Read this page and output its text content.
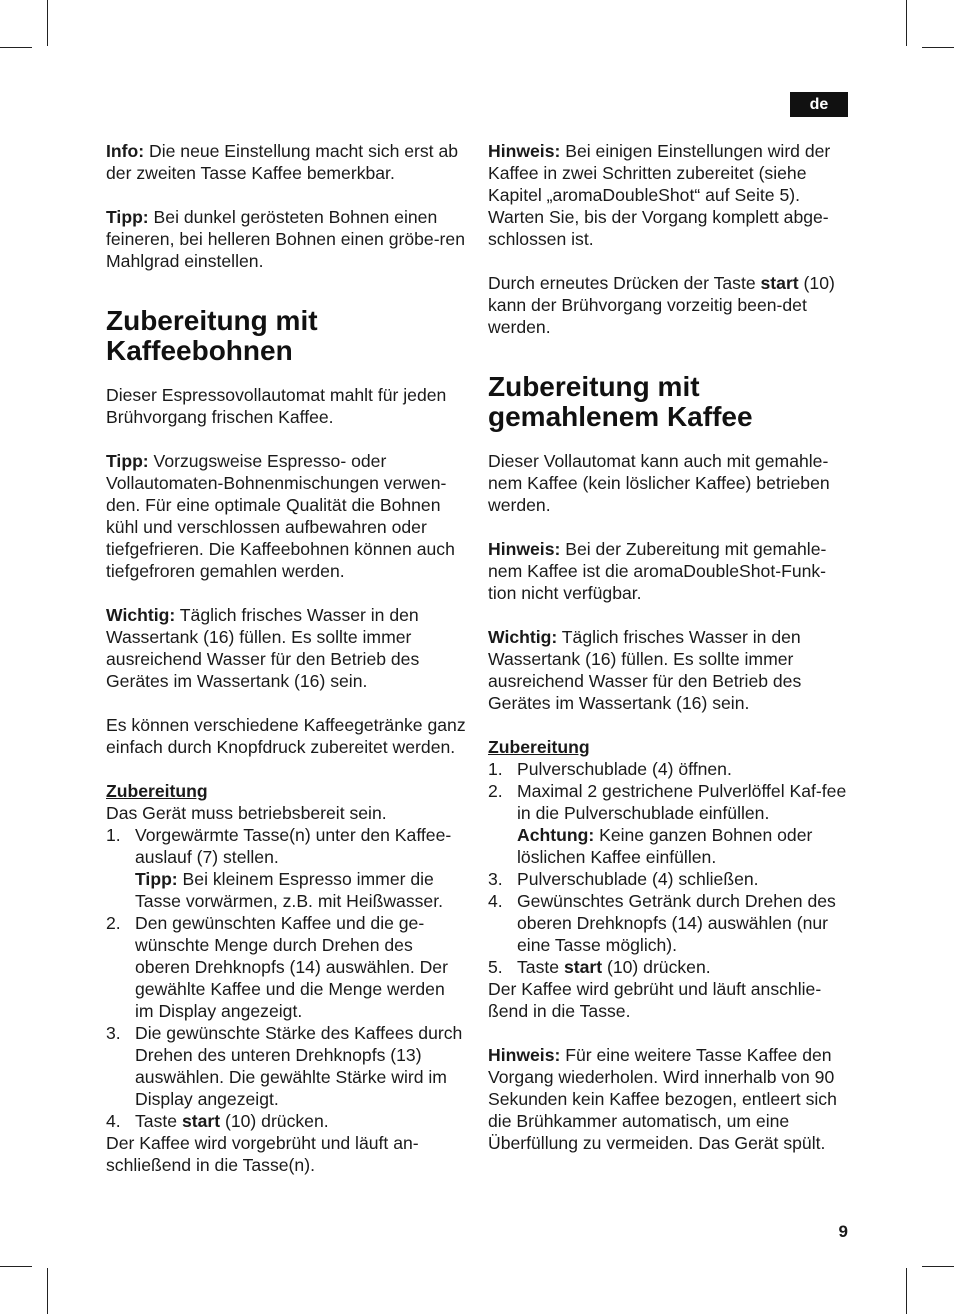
de

Info: Die neue Einstellung macht sich erst ab der zweiten Tasse Kaffee bemerkbar.

Tipp: Bei dunkel gerösteten Bohnen einen feineren, bei helleren Bohnen einen gröbe-ren Mahlgrad einstellen.

Zubereitung mit Kaffeebohnen

Dieser Espressovollautomat mahlt für jeden Brühvorgang frischen Kaffee.

Tipp: Vorzugsweise Espresso- oder Vollautomaten-Bohnenmischungen verwen-den. Für eine optimale Qualität die Bohnen kühl und verschlossen aufbewahren oder tiefgefrieren. Die Kaffeebohnen können auch tiefgefroren gemahlen werden.

Wichtig: Täglich frisches Wasser in den Wassertank (16) füllen. Es sollte immer ausreichend Wasser für den Betrieb des Gerätes im Wassertank (16) sein.

Es können verschiedene Kaffeegetränke ganz einfach durch Knopfdruck zubereitet werden.

Zubereitung

Das Gerät muss betriebsbereit sein.

1. Vorgewärmte Tasse(n) unter den Kaffee-auslauf (7) stellen.
Tipp: Bei kleinem Espresso immer die Tasse vorwärmen, z.B. mit Heißwasser.
2. Den gewünschten Kaffee und die ge-wünschte Menge durch Drehen des oberen Drehknopfs (14) auswählen. Der gewählte Kaffee und die Menge werden im Display angezeigt.
3. Die gewünschte Stärke des Kaffees durch Drehen des unteren Drehknopfs (13) auswählen. Die gewählte Stärke wird im Display angezeigt.
4. Taste start (10) drücken.

Der Kaffee wird vorgebrüht und läuft an-schließend in die Tasse(n).

Hinweis: Bei einigen Einstellungen wird der Kaffee in zwei Schritten zubereitet (siehe Kapitel „aromaDoubleShot“ auf Seite 5). Warten Sie, bis der Vorgang komplett abge-schlossen ist.

Durch erneutes Drücken der Taste start (10) kann der Brühvorgang vorzeitig been-det werden.

Zubereitung mit gemahlenem Kaffee

Dieser Vollautomat kann auch mit gemahle-nem Kaffee (kein löslicher Kaffee) betrieben werden.

Hinweis: Bei der Zubereitung mit gemahle-nem Kaffee ist die aromaDoubleShot-Funk-tion nicht verfügbar.

Wichtig: Täglich frisches Wasser in den Wassertank (16) füllen. Es sollte immer ausreichend Wasser für den Betrieb des Gerätes im Wassertank (16) sein.

Zubereitung

1. Pulverschublade (4) öffnen.
2. Maximal 2 gestrichene Pulverlöffel Kaf-fee in die Pulverschublade einfüllen.
Achtung: Keine ganzen Bohnen oder löslichen Kaffee einfüllen.
3. Pulverschublade (4) schließen.
4. Gewünschtes Getränk durch Drehen des oberen Drehknopfs (14) auswählen (nur eine Tasse möglich).
5. Taste start (10) drücken.

Der Kaffee wird gebrüht und läuft anschlie-ßend in die Tasse.

Hinweis: Für eine weitere Tasse Kaffee den Vorgang wiederholen. Wird innerhalb von 90 Sekunden kein Kaffee bezogen, entleert sich die Brühkammer automatisch, um eine Überfüllung zu vermeiden. Das Gerät spült.

9
